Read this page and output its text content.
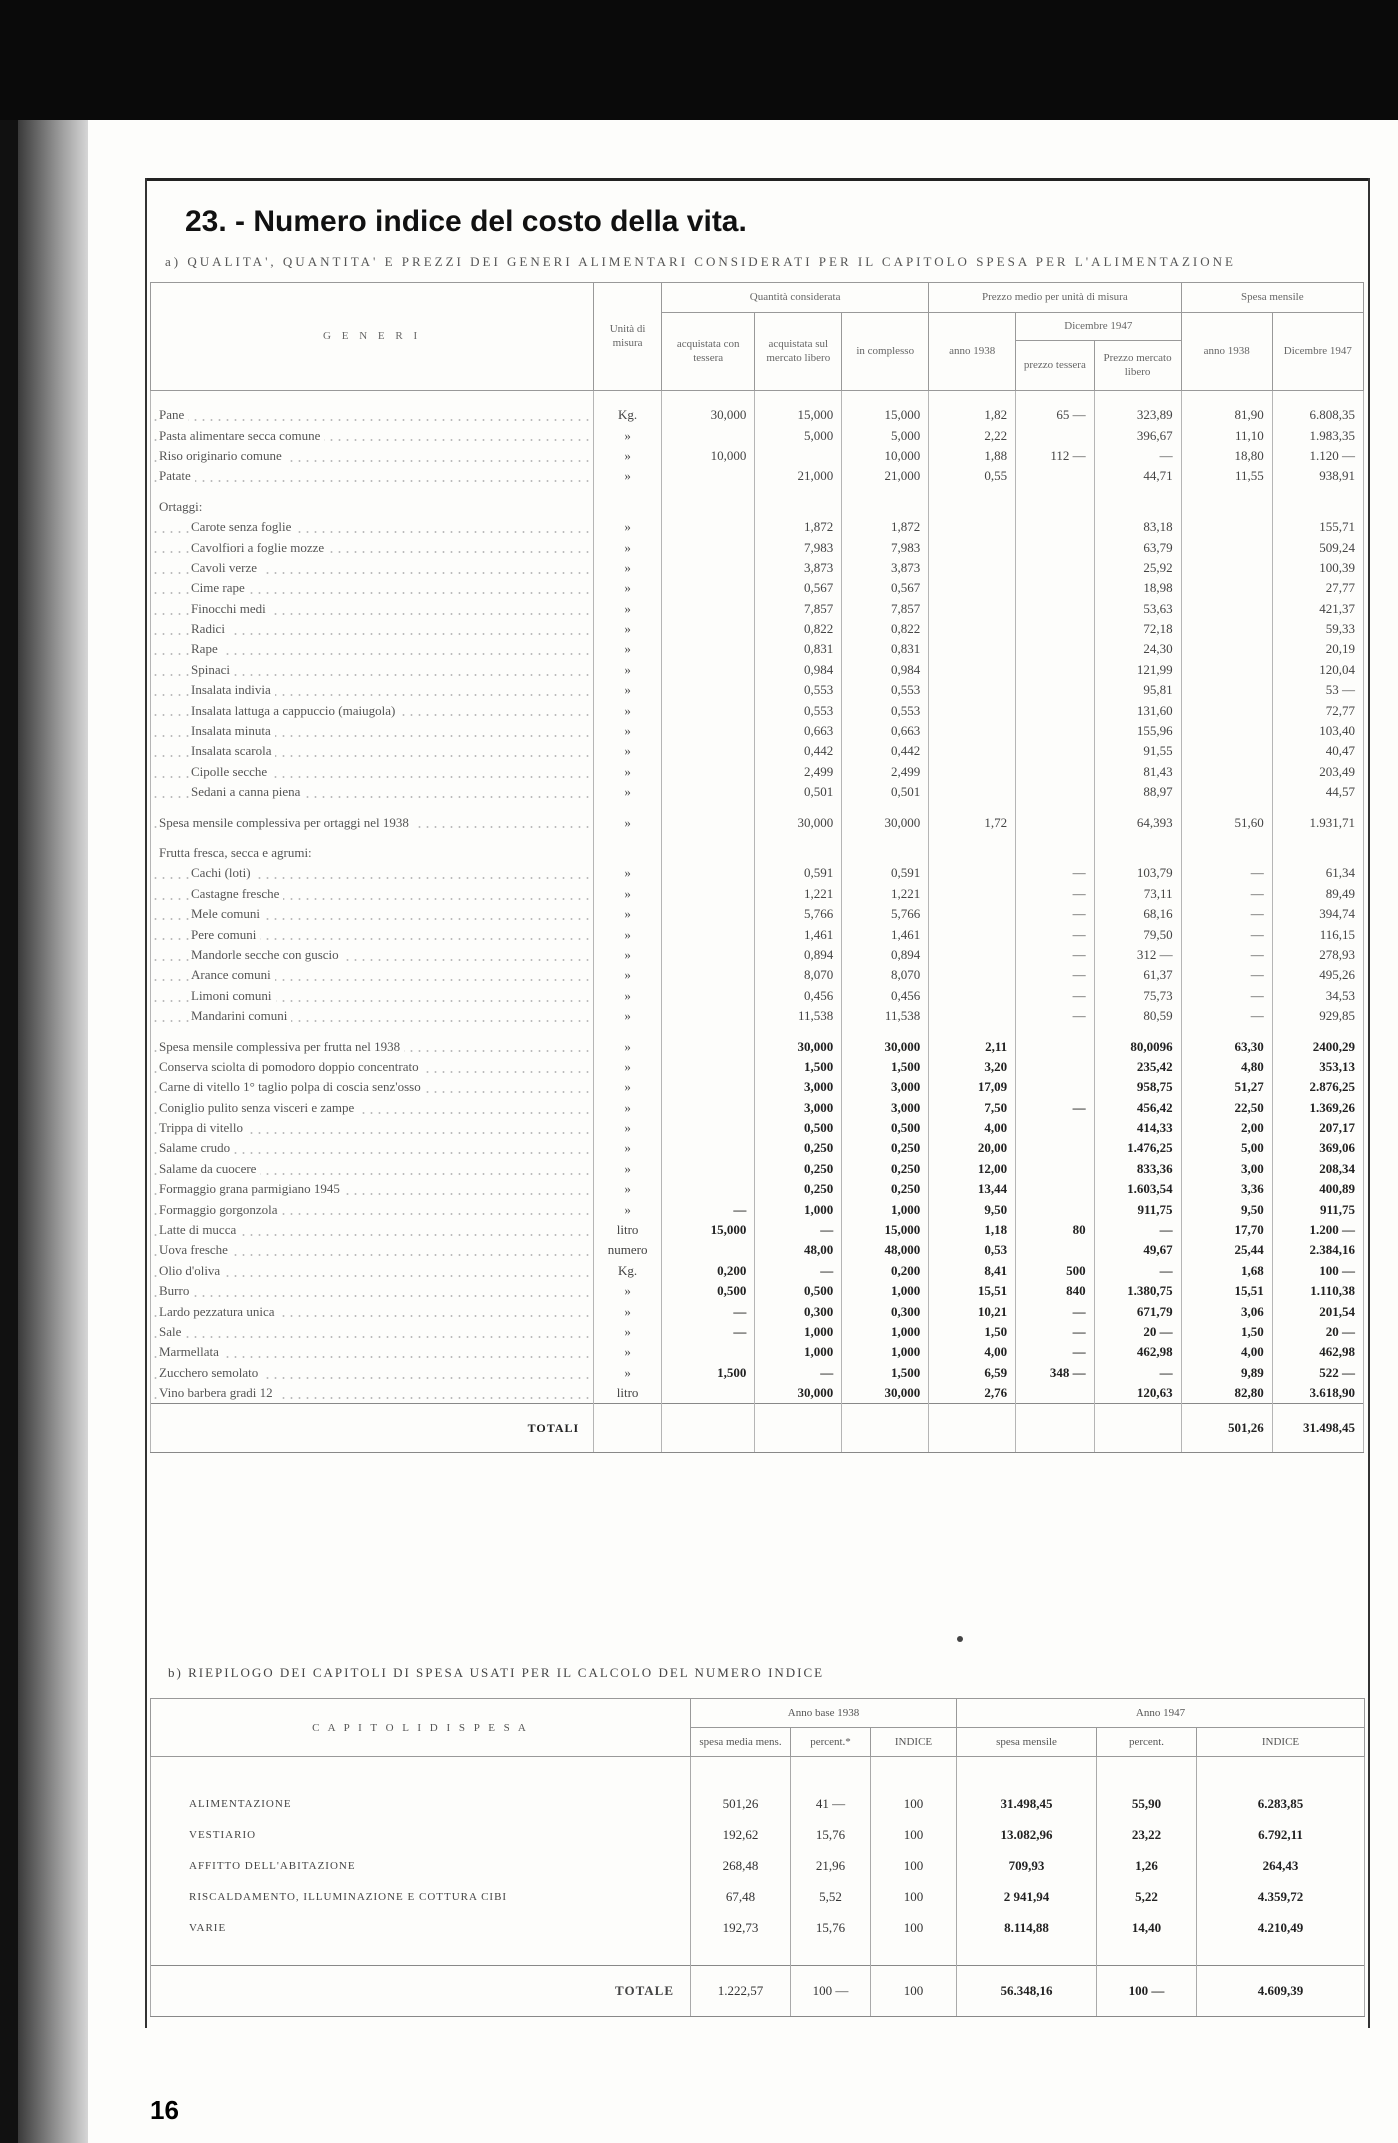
23. - Numero indice del costo della vita.
a) QUALITA', QUANTITA' E PREZZI DEI GENERI ALIMENTARI CONSIDERATI PER IL CAPITOLO SPESA PER L'ALIMENTAZIONE
G E N E R I	Unità di misura	Quantità considerata			Prezzo medio per unità di misura			Spesa mensile	
		acquistata con tessera	acquistata sul mercato libero	in complesso	anno 1938	Dicembre 1947		anno 1938	Dicembre 1947
						prezzo tessera	Prezzo mercato libero		

Pane	Kg.	30,000	15,000	15,000	1,82	65 —	323,89	81,90	6.808,35
Pasta alimentare secca comune	»		5,000	5,000	2,22		396,67	11,10	1.983,35
Riso originario comune	»	10,000		10,000	1,88	112 —	—	18,80	1.120 —
Patate	»		21,000	21,000	0,55		44,71	11,55	938,91

Ortaggi:									
Carote senza foglie	»		1,872	1,872			83,18		155,71
Cavolfiori a foglie mozze	»		7,983	7,983			63,79		509,24
Cavoli verze	»		3,873	3,873			25,92		100,39
Cime rape	»		0,567	0,567			18,98		27,77
Finocchi medi	»		7,857	7,857			53,63		421,37
Radici	»		0,822	0,822			72,18		59,33
Rape	»		0,831	0,831			24,30		20,19
Spinaci	»		0,984	0,984			121,99		120,04
Insalata indivia	»		0,553	0,553			95,81		53 —
Insalata lattuga a cappuccio (maiugola)	»		0,553	0,553			131,60		72,77
Insalata minuta	»		0,663	0,663			155,96		103,40
Insalata scarola	»		0,442	0,442			91,55		40,47
Cipolle secche	»		2,499	2,499			81,43		203,49
Sedani a canna piena	»		0,501	0,501			88,97		44,57

Spesa mensile complessiva per ortaggi nel 1938	»		30,000	30,000	1,72		64,393	51,60	1.931,71

Frutta fresca, secca e agrumi:									
Cachi (loti)	»		0,591	0,591		—	103,79	—	61,34
Castagne fresche	»		1,221	1,221		—	73,11	—	89,49
Mele comuni	»		5,766	5,766		—	68,16	—	394,74
Pere comuni	»		1,461	1,461		—	79,50	—	116,15
Mandorle secche con guscio	»		0,894	0,894		—	312 —	—	278,93
Arance comuni	»		8,070	8,070		—	61,37	—	495,26
Limoni comuni	»		0,456	0,456		—	75,73	—	34,53
Mandarini comuni	»		11,538	11,538		—	80,59	—	929,85

Spesa mensile complessiva per frutta nel 1938	»		30,000	30,000	2,11		80,0096	63,30	2400,29
Conserva sciolta di pomodoro doppio concentrato	»		1,500	1,500	3,20		235,42	4,80	353,13
Carne di vitello 1° taglio polpa di coscia senz'osso	»		3,000	3,000	17,09		958,75	51,27	2.876,25
Coniglio pulito senza visceri e zampe	»		3,000	3,000	7,50	—	456,42	22,50	1.369,26
Trippa di vitello	»		0,500	0,500	4,00		414,33	2,00	207,17
Salame crudo	»		0,250	0,250	20,00		1.476,25	5,00	369,06
Salame da cuocere	»		0,250	0,250	12,00		833,36	3,00	208,34
Formaggio grana parmigiano 1945	»		0,250	0,250	13,44		1.603,54	3,36	400,89
Formaggio gorgonzola	»	—	1,000	1,000	9,50		911,75	9,50	911,75
Latte di mucca	litro	15,000	—	15,000	1,18	80	—	17,70	1.200 —
Uova fresche	numero		48,00	48,000	0,53		49,67	25,44	2.384,16
Olio d'oliva	Kg.	0,200	—	0,200	8,41	500	—	1,68	100 —
Burro	»	0,500	0,500	1,000	15,51	840	1.380,75	15,51	1.110,38
Lardo pezzatura unica	»	—	0,300	0,300	10,21	—	671,79	3,06	201,54
Sale	»	—	1,000	1,000	1,50	—	20 —	1,50	20 —
Marmellata	»		1,000	1,000	4,00	—	462,98	4,00	462,98
Zucchero semolato	»	1,500	—	1,500	6,59	348 —	—	9,89	522 —
Vino barbera gradi 12	litro		30,000	30,000	2,76		120,63	82,80	3.618,90
TOTALI								501,26	31.498,45
b) RIEPILOGO DEI CAPITOLI DI SPESA USATI PER IL CALCOLO DEL NUMERO INDICE
C A P I T O L I D I S P E S A	Anno base 1938			Anno 1947		
	spesa media mens.	percent.*	INDICE	spesa mensile	percent.	INDICE

ALIMENTAZIONE	501,26	41 —	100	31.498,45	55,90	6.283,85
VESTIARIO	192,62	15,76	100	13.082,96	23,22	6.792,11
AFFITTO DELL'ABITAZIONE	268,48	21,96	100	709,93	1,26	264,43
RISCALDAMENTO, ILLUMINAZIONE E COTTURA CIBI	67,48	5,52	100	2 941,94	5,22	4.359,72
VARIE	192,73	15,76	100	8.114,88	14,40	4.210,49

TOTALE	1.222,57	100 —	100	56.348,16	100 —	4.609,39
16
